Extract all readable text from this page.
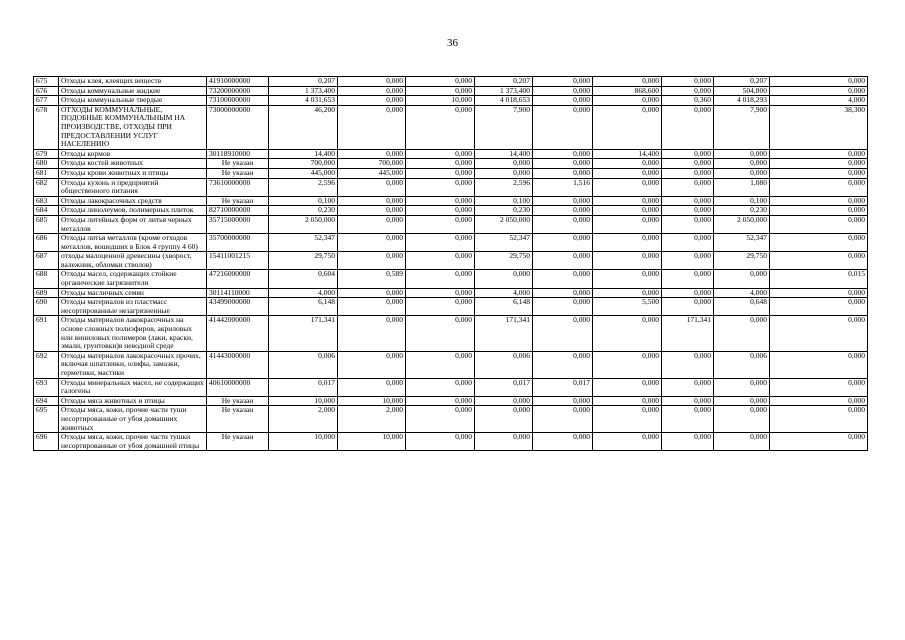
36
675	Отходы клея, клеящих веществ	41910000000	0,207	0,000	0,000	0,207	0,000	0,000	0,000	0,207	0,000
676	Отходы коммунальные жидкие	73200000000	1 373,400	0,000	0,000	1 373,400	0,000	868,600	0,000	504,800	0,000
677	Отходы коммунальные твердые	73100000000	4 031,653	0,000	10,000	4 018,653	0,000	0,000	0,360	4 018,293	4,000
678	ОТХОДЫ КОММУНАЛЬНЫЕ, ПОДОБНЫЕ КОММУНАЛЬНЫМ НА ПРОИЗВОДСТВЕ, ОТХОДЫ ПРИ ПРЕДОСТАВЛЕНИИ УСЛУГ НАСЕЛЕНИЮ	73000000000	46,200	0,000	0,000	7,900	0,000	0,000	0,000	7,900	38,300
679	Отходы кормов	30118910000	14,400	0,000	0,000	14,400	0,000	14,400	0,000	0,000	0,000
680	Отходы костей животных	Не указан	700,000	700,000	0,000	0,000	0,000	0,000	0,000	0,000	0,000
681	Отходы крови животных и птицы	Не указан	445,000	445,000	0,000	0,000	0,000	0,000	0,000	0,000	0,000
682	Отходы кухонь и предприятий общественного питания	73610000000	2,596	0,000	0,000	2,596	1,516	0,000	0,000	1,080	0,000
683	Отходы лакокрасочных средств	Не указан	0,100	0,000	0,000	0,100	0,000	0,000	0,000	0,100	0,000
684	Отходы линолеумов, полимерных плиток	82710000000	0,230	0,000	0,000	0,230	0,000	0,000	0,000	0,230	0,000
685	Отходы литейных форм от литья черных металлов	35715000000	2 050,000	0,000	0,000	2 050,000	0,000	0,000	0,000	2 050,000	0,000
686	Отходы литья металлов (кроме отходов металлов, вошедших в Блок 4 группу 4 60)	35700000000	52,347	0,000	0,000	52,347	0,000	0,000	0,000	52,347	0,000
687	отходы малоценной древесины (хворост, валежник, обломки стволов)	15411001215	29,750	0,000	0,000	29,750	0,000	0,000	0,000	29,750	0,000
688	Отходы масел, содержащих стойкие органические загрязнители	47216000000	0,604	0,589	0,000	0,000	0,000	0,000	0,000	0,000	0,015
689	Отходы масличных семян	30114110000	4,000	0,000	0,000	4,000	0,000	0,000	0,000	4,000	0,000
690	Отходы материалов из пластмасс несортированные незагрязненные	43499000000	6,148	0,000	0,000	6,148	0,000	5,500	0,000	0,648	0,000
691	Отходы материалов лакокрасочных на основе сложных полиэфиров, акриловых или виниловых полимеров (лаки, краски, эмали, грунтовки)в неводной среде	41442000000	171,341	0,000	0,000	171,341	0,000	0,000	171,341	0,000	0,000
692	Отходы материалов лакокрасочных прочих, включая шпатлевки, олифы, замазки, герметики, мастики	41443000000	0,006	0,000	0,000	0,006	0,000	0,000	0,000	0,006	0,000
693	Отходы минеральных масел, не содержащих галогены	40610000000	0,017	0,000	0,000	0,017	0,017	0,000	0,000	0,000	0,000
694	Отходы мяса животных и птицы	Не указан	10,000	10,000	0,000	0,000	0,000	0,000	0,000	0,000	0,000
695	Отходы мяса, кожи, прочие части туши несортированные от убоя домашних животных	Не указан	2,000	2,000	0,000	0,000	0,000	0,000	0,000	0,000	0,000
696	Отходы мяса, кожи, прочие части тушки несортированные от убоя домашней птицы	Не указан	10,000	10,000	0,000	0,000	0,000	0,000	0,000	0,000	0,000
